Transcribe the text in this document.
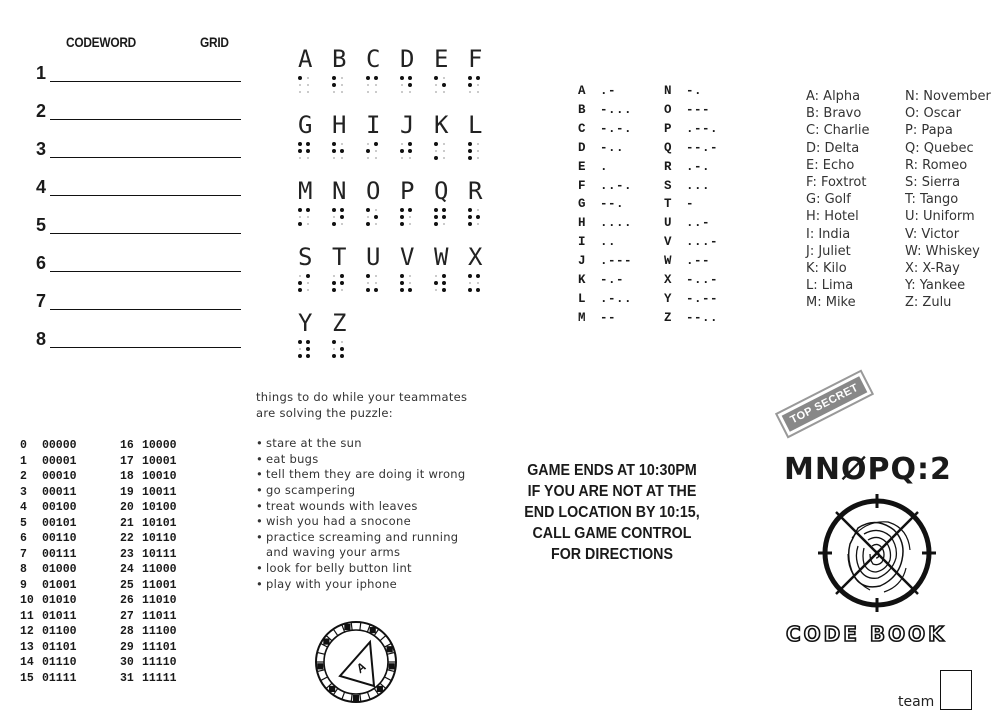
CODEWORD	GRID
1
2
3
4
5
6
7
8
A B C D E F
G H I J K L
M N O P Q R
S T U V W X
Y Z
A .-
B -...
C -.-.
D -..
E .
F ..-.
G --.
H ....
I ..
J .---
K -.-
L .-..
M --
N -.
O ---
P .--.
Q --.-
R .-.
S ...
T -
U ..-
V ...-
W .--
X -..-
Y -.--
Z --..
A: Alpha
B: Bravo
C: Charlie
D: Delta
E: Echo
F: Foxtrot
G: Golf
H: Hotel
I: India
J: Juliet
K: Kilo
L: Lima
M: Mike
N: November
O: Oscar
P: Papa
Q: Quebec
R: Romeo
S: Sierra
T: Tango
U: Uniform
V: Victor
W: Whiskey
X: X-Ray
Y: Yankee
Z: Zulu
0 00000
1 00001
2 00010
3 00011
4 00100
5 00101
6 00110
7 00111
8 01000
9 01001
10 01010
11 01011
12 01100
13 01101
14 01110
15 01111
16 10000
17 10001
18 10010
19 10011
20 10100
21 10101
22 10110
23 10111
24 11000
25 11001
26 11010
27 11011
28 11100
29 11101
30 11110
31 11111
things to do while your teammates are solving the puzzle:
• stare at the sun
• eat bugs
• tell them they are doing it wrong
• go scampering
• treat wounds with leaves
• wish you had a snocone
• practice screaming and running and waving your arms
• look for belly button lint
• play with your iphone
A
GAME ENDS AT 10:30PM
IF YOU ARE NOT AT THE
END LOCATION BY 10:15,
CALL GAME CONTROL
FOR DIRECTIONS
TOP SECRET
MNØPQ:2
CODE BOOK
team
